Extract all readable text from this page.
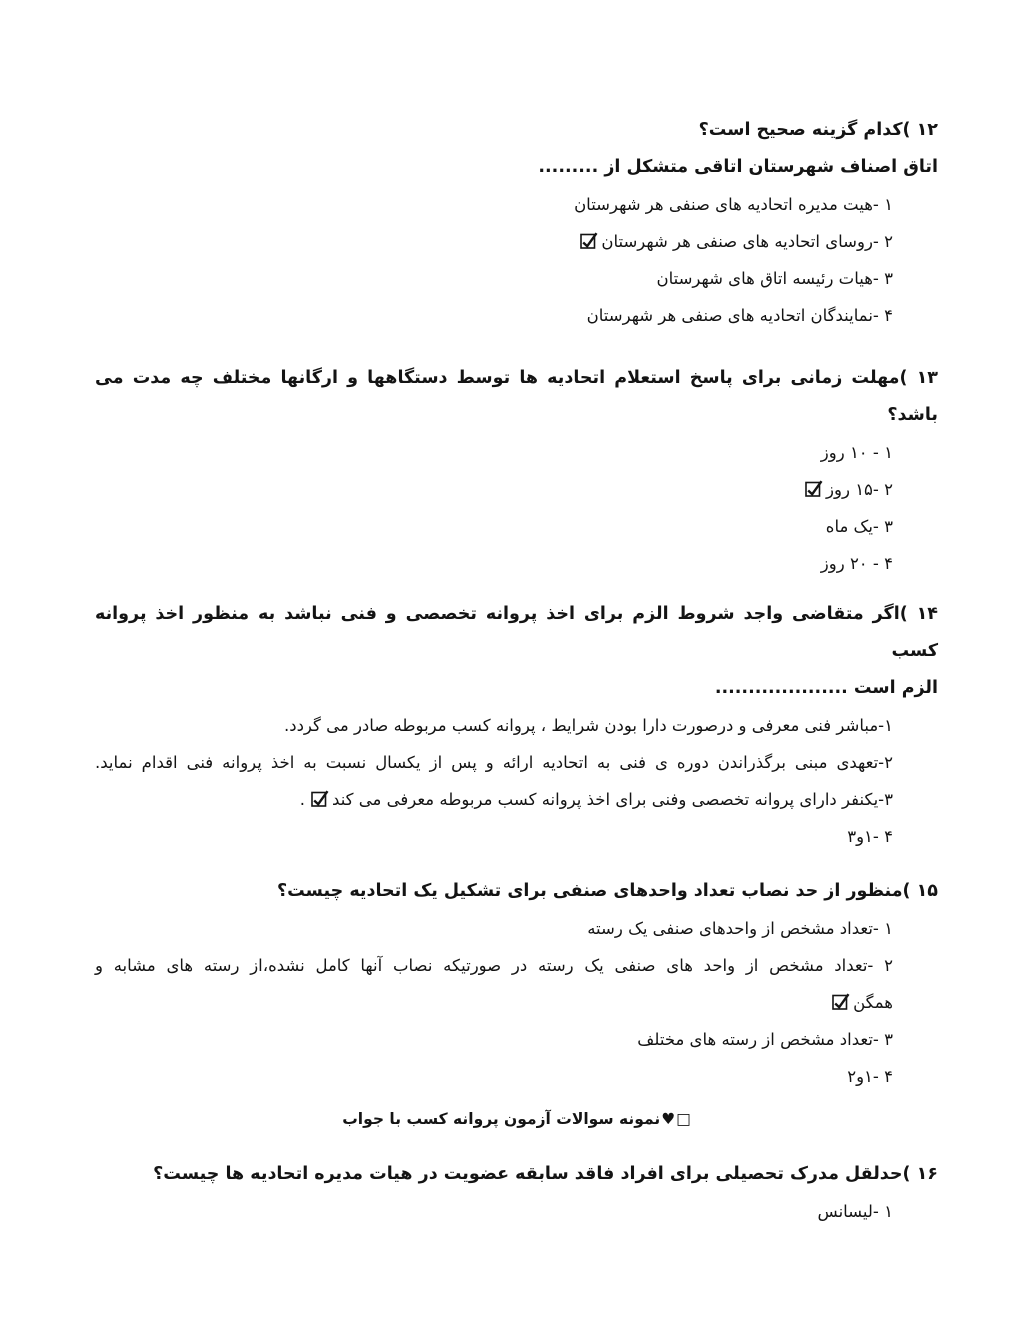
۱۲ )کدام گزینه صحیح است؟
اتاق اصناف شهرستان اتاقی متشکل از .........
۱ -هیت مدیره اتحادیه های صنفی هر شهرستان
۲ -روسای اتحادیه های صنفی هر شهرستان
۳ -هیات رئیسه اتاق های شهرستان
۴ -نمایندگان اتحادیه های صنفی هر شهرستان
۱۳ )مهلت زمانی برای پاسخ استعلام اتحادیه ها توسط دستگاهها و ارگانها مختلف چه مدت می
باشد؟
۱ - ۱۰ روز
۲ -۱۵ روز
۳ -یک ماه
۴ - ۲۰ روز
۱۴ )اگر متقاضی واجد شروط الزم برای اخذ پروانه تخصصی و فنی نباشد به منظور اخذ پروانه کسب
الزم است ....................
۱-مباشر فنی معرفی و درصورت دارا بودن شرایط ، پروانه کسب مربوطه صادر می گردد.
۲-تعهدی مبنی برگذراندن دوره ی فنی به اتحادیه ارائه و پس از یکسال نسبت به اخذ پروانه فنی اقدام نماید.
۳-یکنفر دارای پروانه تخصصی وفنی برای اخذ پروانه کسب مربوطه معرفی می کند
.
۴ -۱و۳
۱۵ )منظور از حد نصاب تعداد واحدهای صنفی برای تشکیل یک اتحادیه چیست؟
۱ -تعداد مشخص از واحدهای صنفی یک رسته
۲ -تعداد مشخص از واحد های صنفی یک رسته در صورتیکه نصاب آنها کامل نشده،از رسته های مشابه و
همگن
۳ -تعداد مشخص از رسته های مختلف
۴ -۱و۲
□♥نمونه سوالات آزمون پروانه کسب با جواب
۱۶ )حدلقل مدرک تحصیلی برای افراد فاقد سابقه عضویت در هیات مدیره اتحادیه ها چیست؟
۱ -لیسانس
